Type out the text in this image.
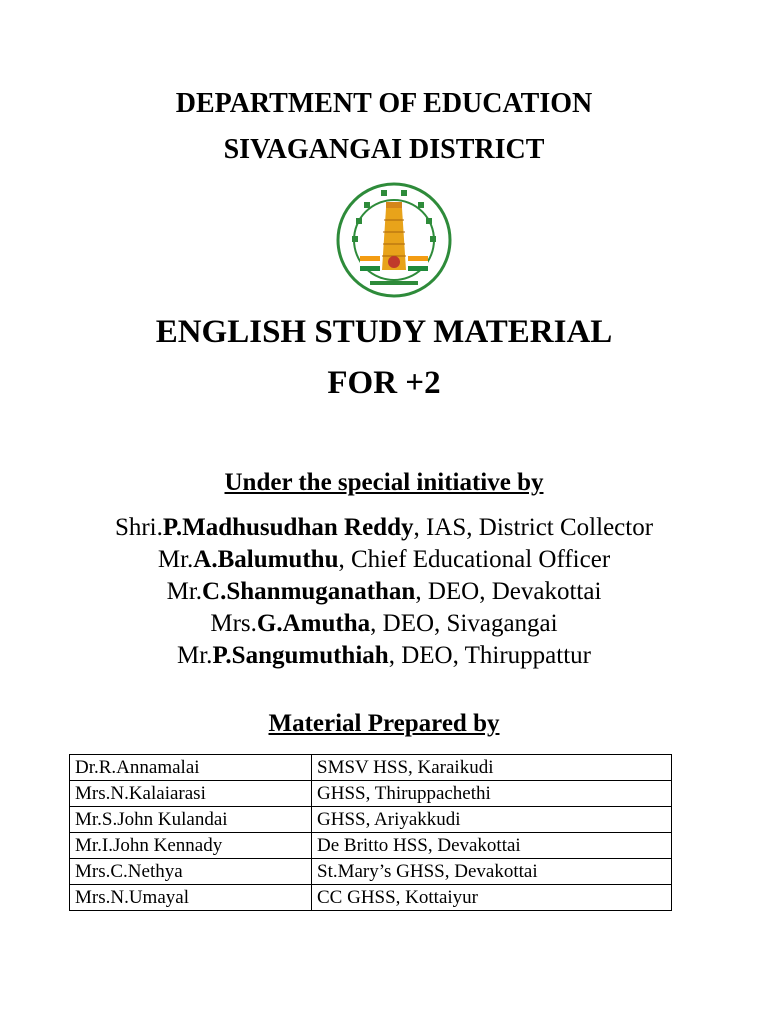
DEPARTMENT OF EDUCATION
SIVAGANGAI DISTRICT
ENGLISH STUDY MATERIAL
FOR +2
Under the special initiative by
Shri.P.Madhusudhan Reddy, IAS, District Collector
Mr.A.Balumuthu, Chief Educational Officer
Mr.C.Shanmuganathan, DEO, Devakottai
Mrs.G.Amutha, DEO, Sivagangai
Mr.P.Sangumuthiah, DEO, Thiruppattur
Material Prepared by
Dr.R.Annamalai	SMSV HSS, Karaikudi
Mrs.N.Kalaiarasi	GHSS, Thiruppachethi
Mr.S.John Kulandai	GHSS, Ariyakkudi
Mr.I.John Kennady	De Britto HSS, Devakottai
Mrs.C.Nethya	St.Mary’s GHSS, Devakottai
Mrs.N.Umayal	CC GHSS, Kottaiyur
